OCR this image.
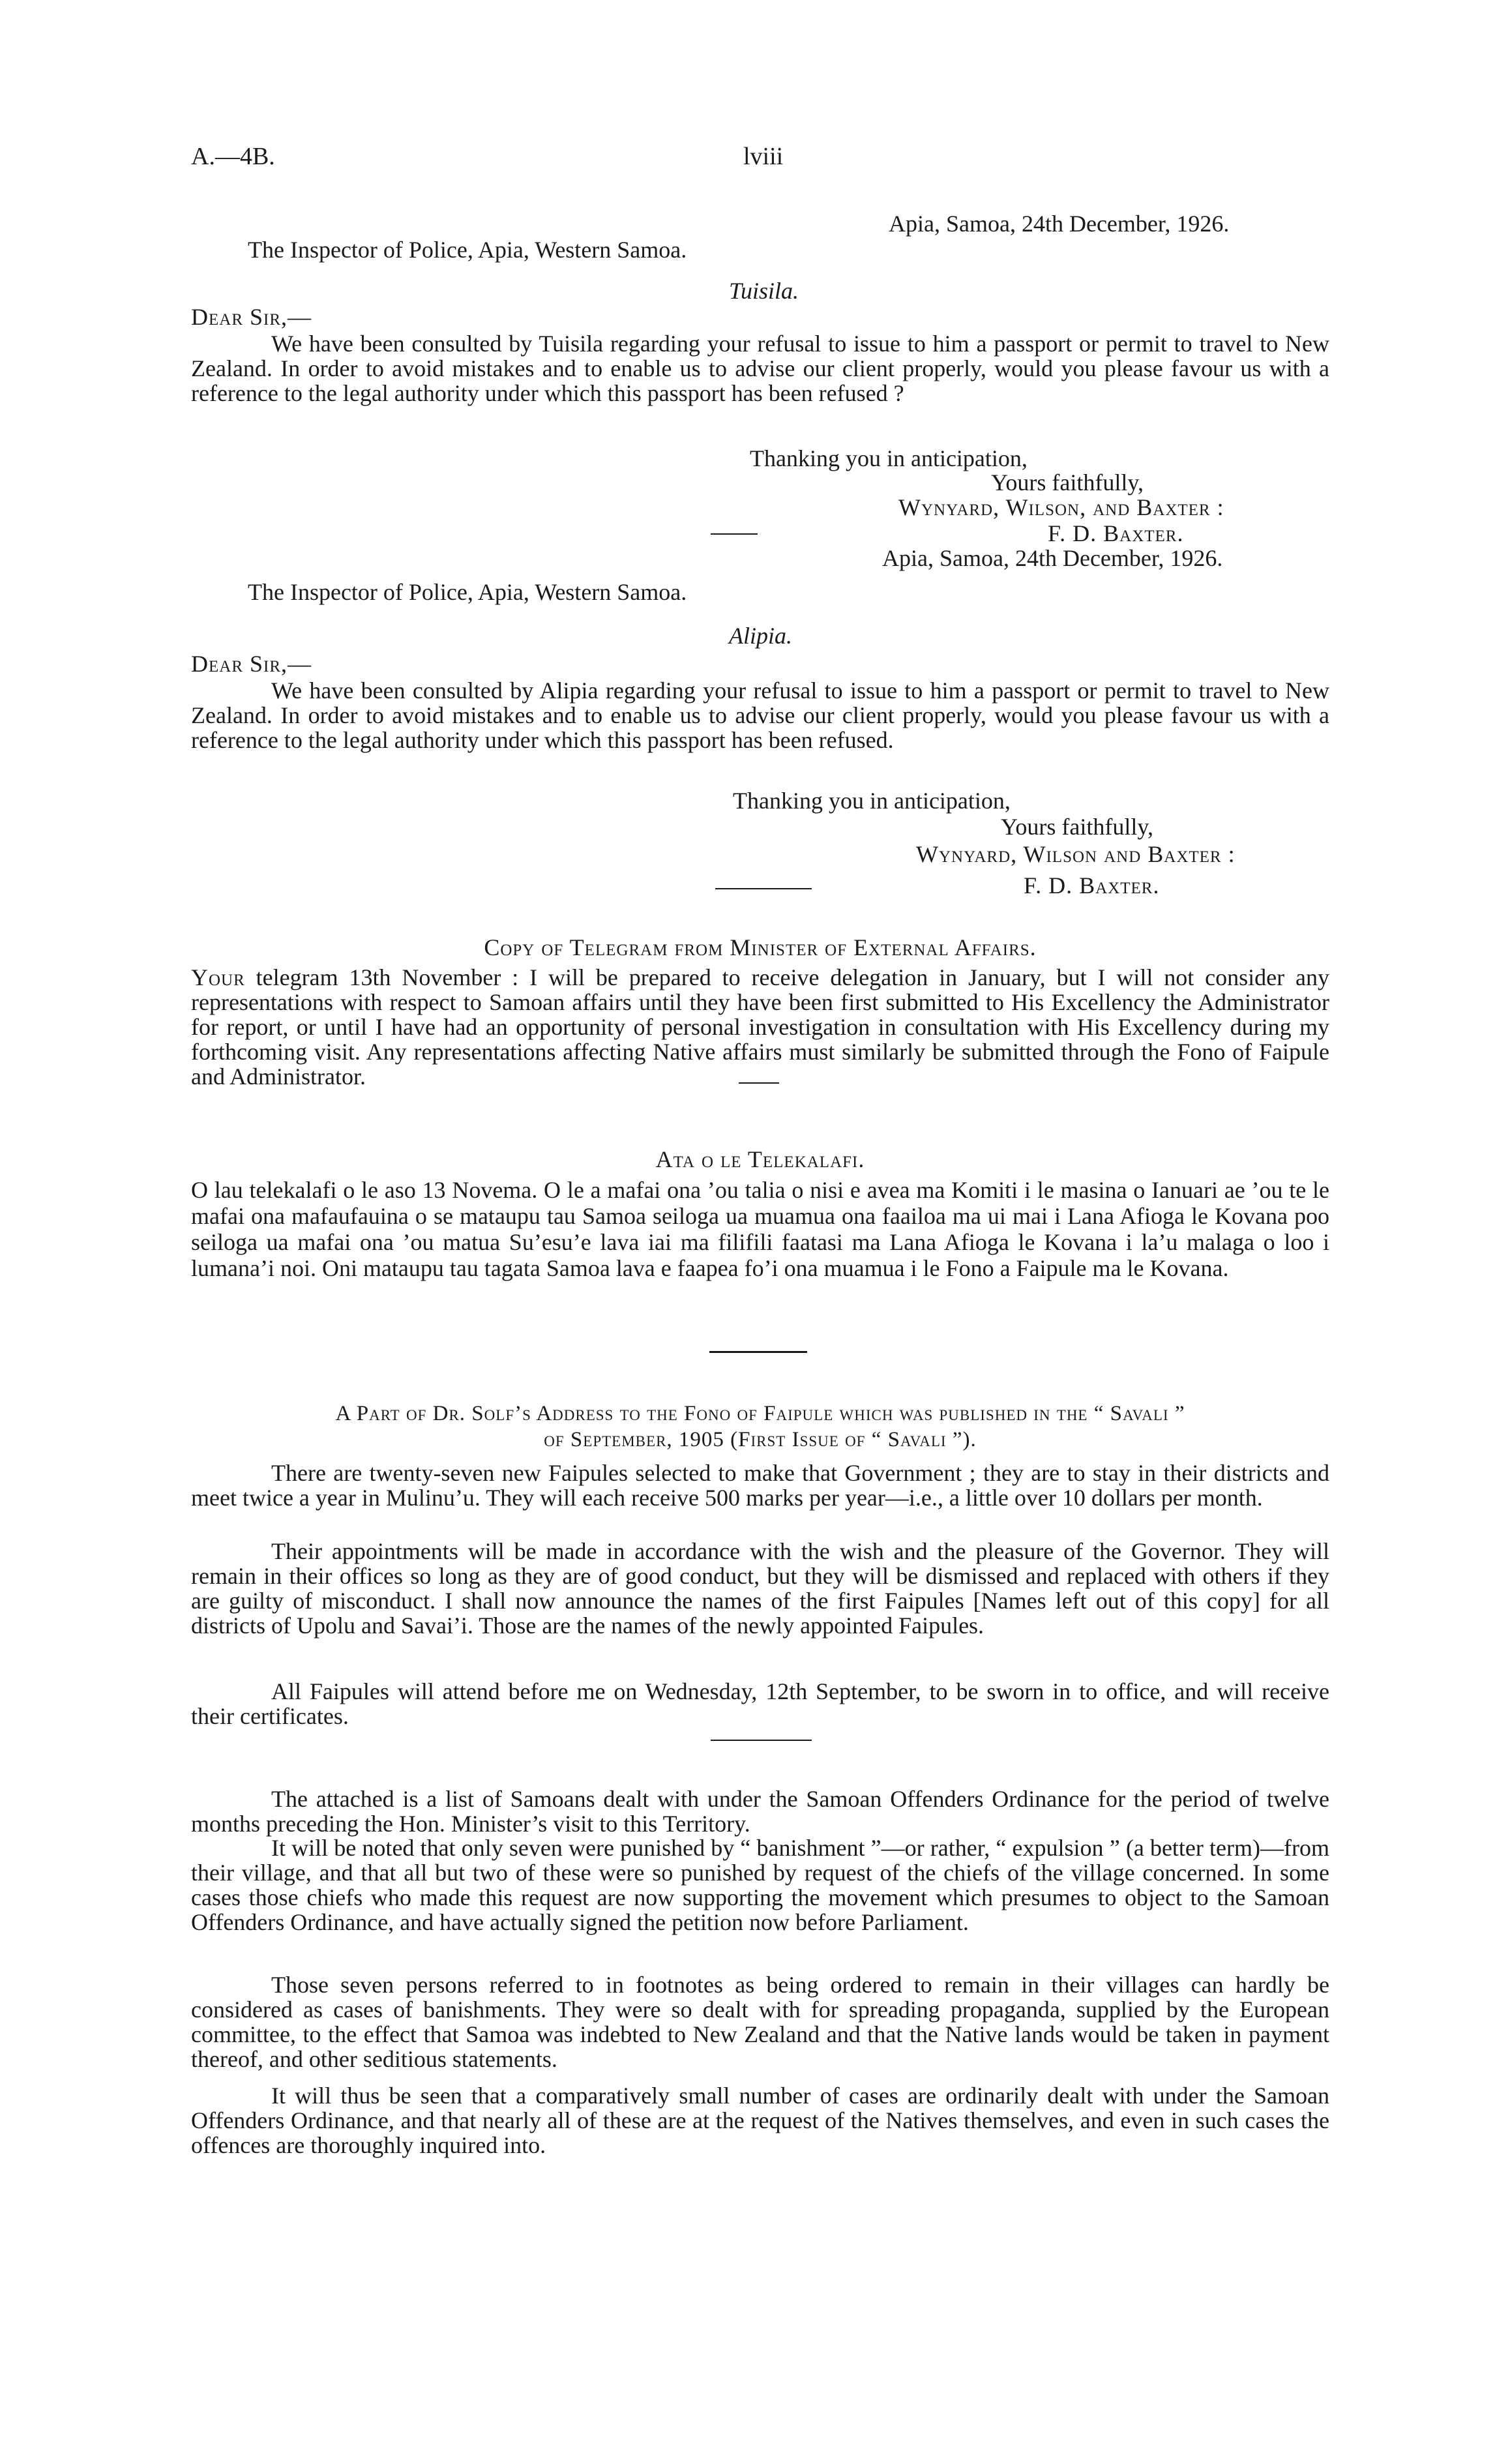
A.—4B.	lviii
Apia, Samoa, 24th December, 1926.
The Inspector of Police, Apia, Western Samoa.
Tuisila.
Dear Sir,—

We have been consulted by Tuisila regarding your refusal to issue to him a passport or permit to travel to New Zealand. In order to avoid mistakes and to enable us to advise our client properly, would you please favour us with a reference to the legal authority under which this passport has been refused ?

Thanking you in anticipation,
Yours faithfully,
Wynyard, Wilson, and Baxter :
F. D. Baxter.
Apia, Samoa, 24th December, 1926.
The Inspector of Police, Apia, Western Samoa.
Alipia.
Dear Sir,—

We have been consulted by Alipia regarding your refusal to issue to him a passport or permit to travel to New Zealand. In order to avoid mistakes and to enable us to advise our client properly, would you please favour us with a reference to the legal authority under which this passport has been refused.

Thanking you in anticipation,
Yours faithfully,
Wynyard, Wilson and Baxter :
F. D. Baxter.
Copy of Telegram from Minister of External Affairs.

Your telegram 13th November : I will be prepared to receive delegation in January, but I will not consider any representations with respect to Samoan affairs until they have been first submitted to His Excellency the Administrator for report, or until I have had an opportunity of personal investigation in consultation with His Excellency during my forthcoming visit. Any representations affecting Native affairs must similarly be submitted through the Fono of Faipule and Administrator.

Ata o le Telekalafi.

O lau telekalafi o le aso 13 Novema. O le a mafai ona ’ou talia o nisi e avea ma Komiti i le masina o Ianuari ae ’ou te le mafai ona mafaufauina o se mataupu tau Samoa seiloga ua muamua ona faailoa ma ui mai i Lana Afioga le Kovana poo seiloga ua mafai ona ’ou matua Su’esu’e lava iai ma filifili faatasi ma Lana Afioga le Kovana i la’u malaga o loo i lumana’i noi. Oni mataupu tau tagata Samoa lava e faapea fo’i ona muamua i le Fono a Faipule ma le Kovana.

A Part of Dr. Solf’s Address to the Fono of Faipule which was published in the “ Savali ”
of September, 1905 (First Issue of “ Savali ”).

There are twenty-seven new Faipules selected to make that Government ; they are to stay in their districts and meet twice a year in Mulinu’u. They will each receive 500 marks per year—i.e., a little over 10 dollars per month.

Their appointments will be made in accordance with the wish and the pleasure of the Governor. They will remain in their offices so long as they are of good conduct, but they will be dismissed and replaced with others if they are guilty of misconduct. I shall now announce the names of the first Faipules [Names left out of this copy] for all districts of Upolu and Savai’i. Those are the names of the newly appointed Faipules.

All Faipules will attend before me on Wednesday, 12th September, to be sworn in to office, and will receive their certificates.

The attached is a list of Samoans dealt with under the Samoan Offenders Ordinance for the period of twelve months preceding the Hon. Minister’s visit to this Territory.

It will be noted that only seven were punished by “ banishment ”—or rather, “ expulsion ” (a better term)—from their village, and that all but two of these were so punished by request of the chiefs of the village concerned. In some cases those chiefs who made this request are now supporting the movement which presumes to object to the Samoan Offenders Ordinance, and have actually signed the petition now before Parliament.

Those seven persons referred to in footnotes as being ordered to remain in their villages can hardly be considered as cases of banishments. They were so dealt with for spreading propaganda, supplied by the European committee, to the effect that Samoa was indebted to New Zealand and that the Native lands would be taken in payment thereof, and other seditious statements.

It will thus be seen that a comparatively small number of cases are ordinarily dealt with under the Samoan Offenders Ordinance, and that nearly all of these are at the request of the Natives themselves, and even in such cases the offences are thoroughly inquired into.
